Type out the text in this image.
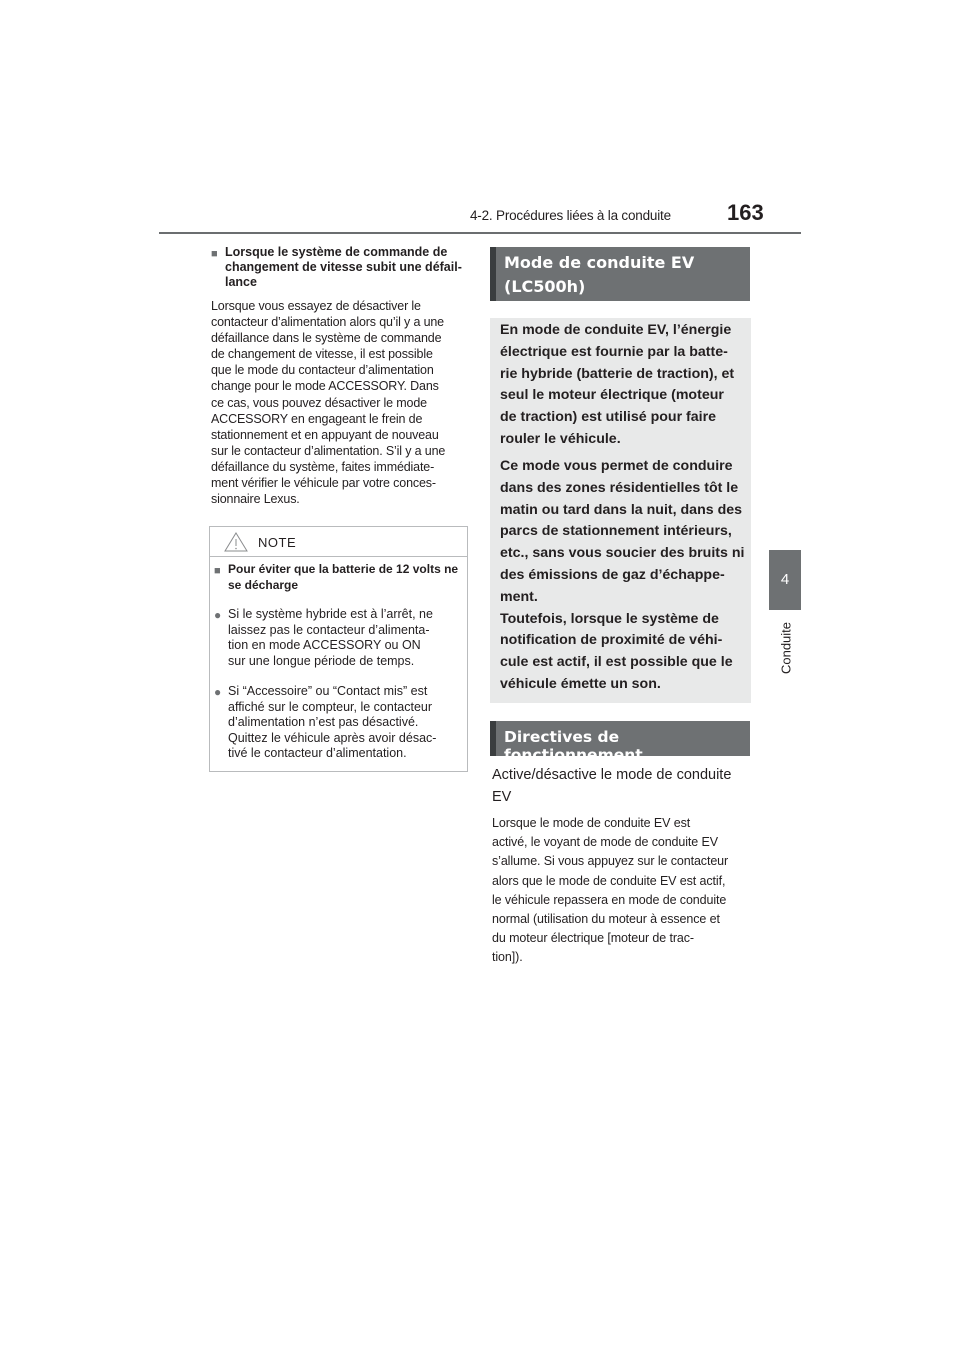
4-2. Procédures liées à la conduite	163
4
Conduite
■ Lorsque le système de commande de changement de vitesse subit une défail-lance
Lorsque vous essayez de désactiver le
contacteur d’alimentation alors qu’il y a une
défaillance dans le système de commande
de changement de vitesse, il est possible
que le mode du contacteur d’alimentation
change pour le mode ACCESSORY. Dans
ce cas, vous pouvez désactiver le mode
ACCESSORY en engageant le frein de
stationnement et en appuyant de nouveau
sur le contacteur d’alimentation. S’il y a une
défaillance du système, faites immédiate-
ment vérifier le véhicule par votre conces-
sionnaire Lexus.
NOTE
■ Pour éviter que la batterie de 12 volts ne se décharge
● Si le système hybride est à l’arrêt, ne
laissez pas le contacteur d’alimenta-
tion en mode ACCESSORY ou ON
sur une longue période de temps.
● Si “Accessoire” ou “Contact mis” est
affiché sur le compteur, le contacteur
d’alimentation n’est pas désactivé.
Quittez le véhicule après avoir désac-
tivé le contacteur d’alimentation.
Mode de conduite EV
(LC500h)
En mode de conduite EV, l’énergie
électrique est fournie par la batte-
rie hybride (batterie de traction), et
seul le moteur électrique (moteur
de traction) est utilisé pour faire
rouler le véhicule.
Ce mode vous permet de conduire
dans des zones résidentielles tôt le
matin ou tard dans la nuit, dans des
parcs de stationnement intérieurs,
etc., sans vous soucier des bruits ni
des émissions de gaz d’échappe-
ment.
Toutefois, lorsque le système de
notification de proximité de véhi-
cule est actif, il est possible que le
véhicule émette un son.
Directives de fonctionnement
Active/désactive le mode de conduite
EV
Lorsque le mode de conduite EV est
activé, le voyant de mode de conduite EV
s’allume. Si vous appuyez sur le contacteur
alors que le mode de conduite EV est actif,
le véhicule repassera en mode de conduite
normal (utilisation du moteur à essence et
du moteur électrique [moteur de trac-
tion]).
